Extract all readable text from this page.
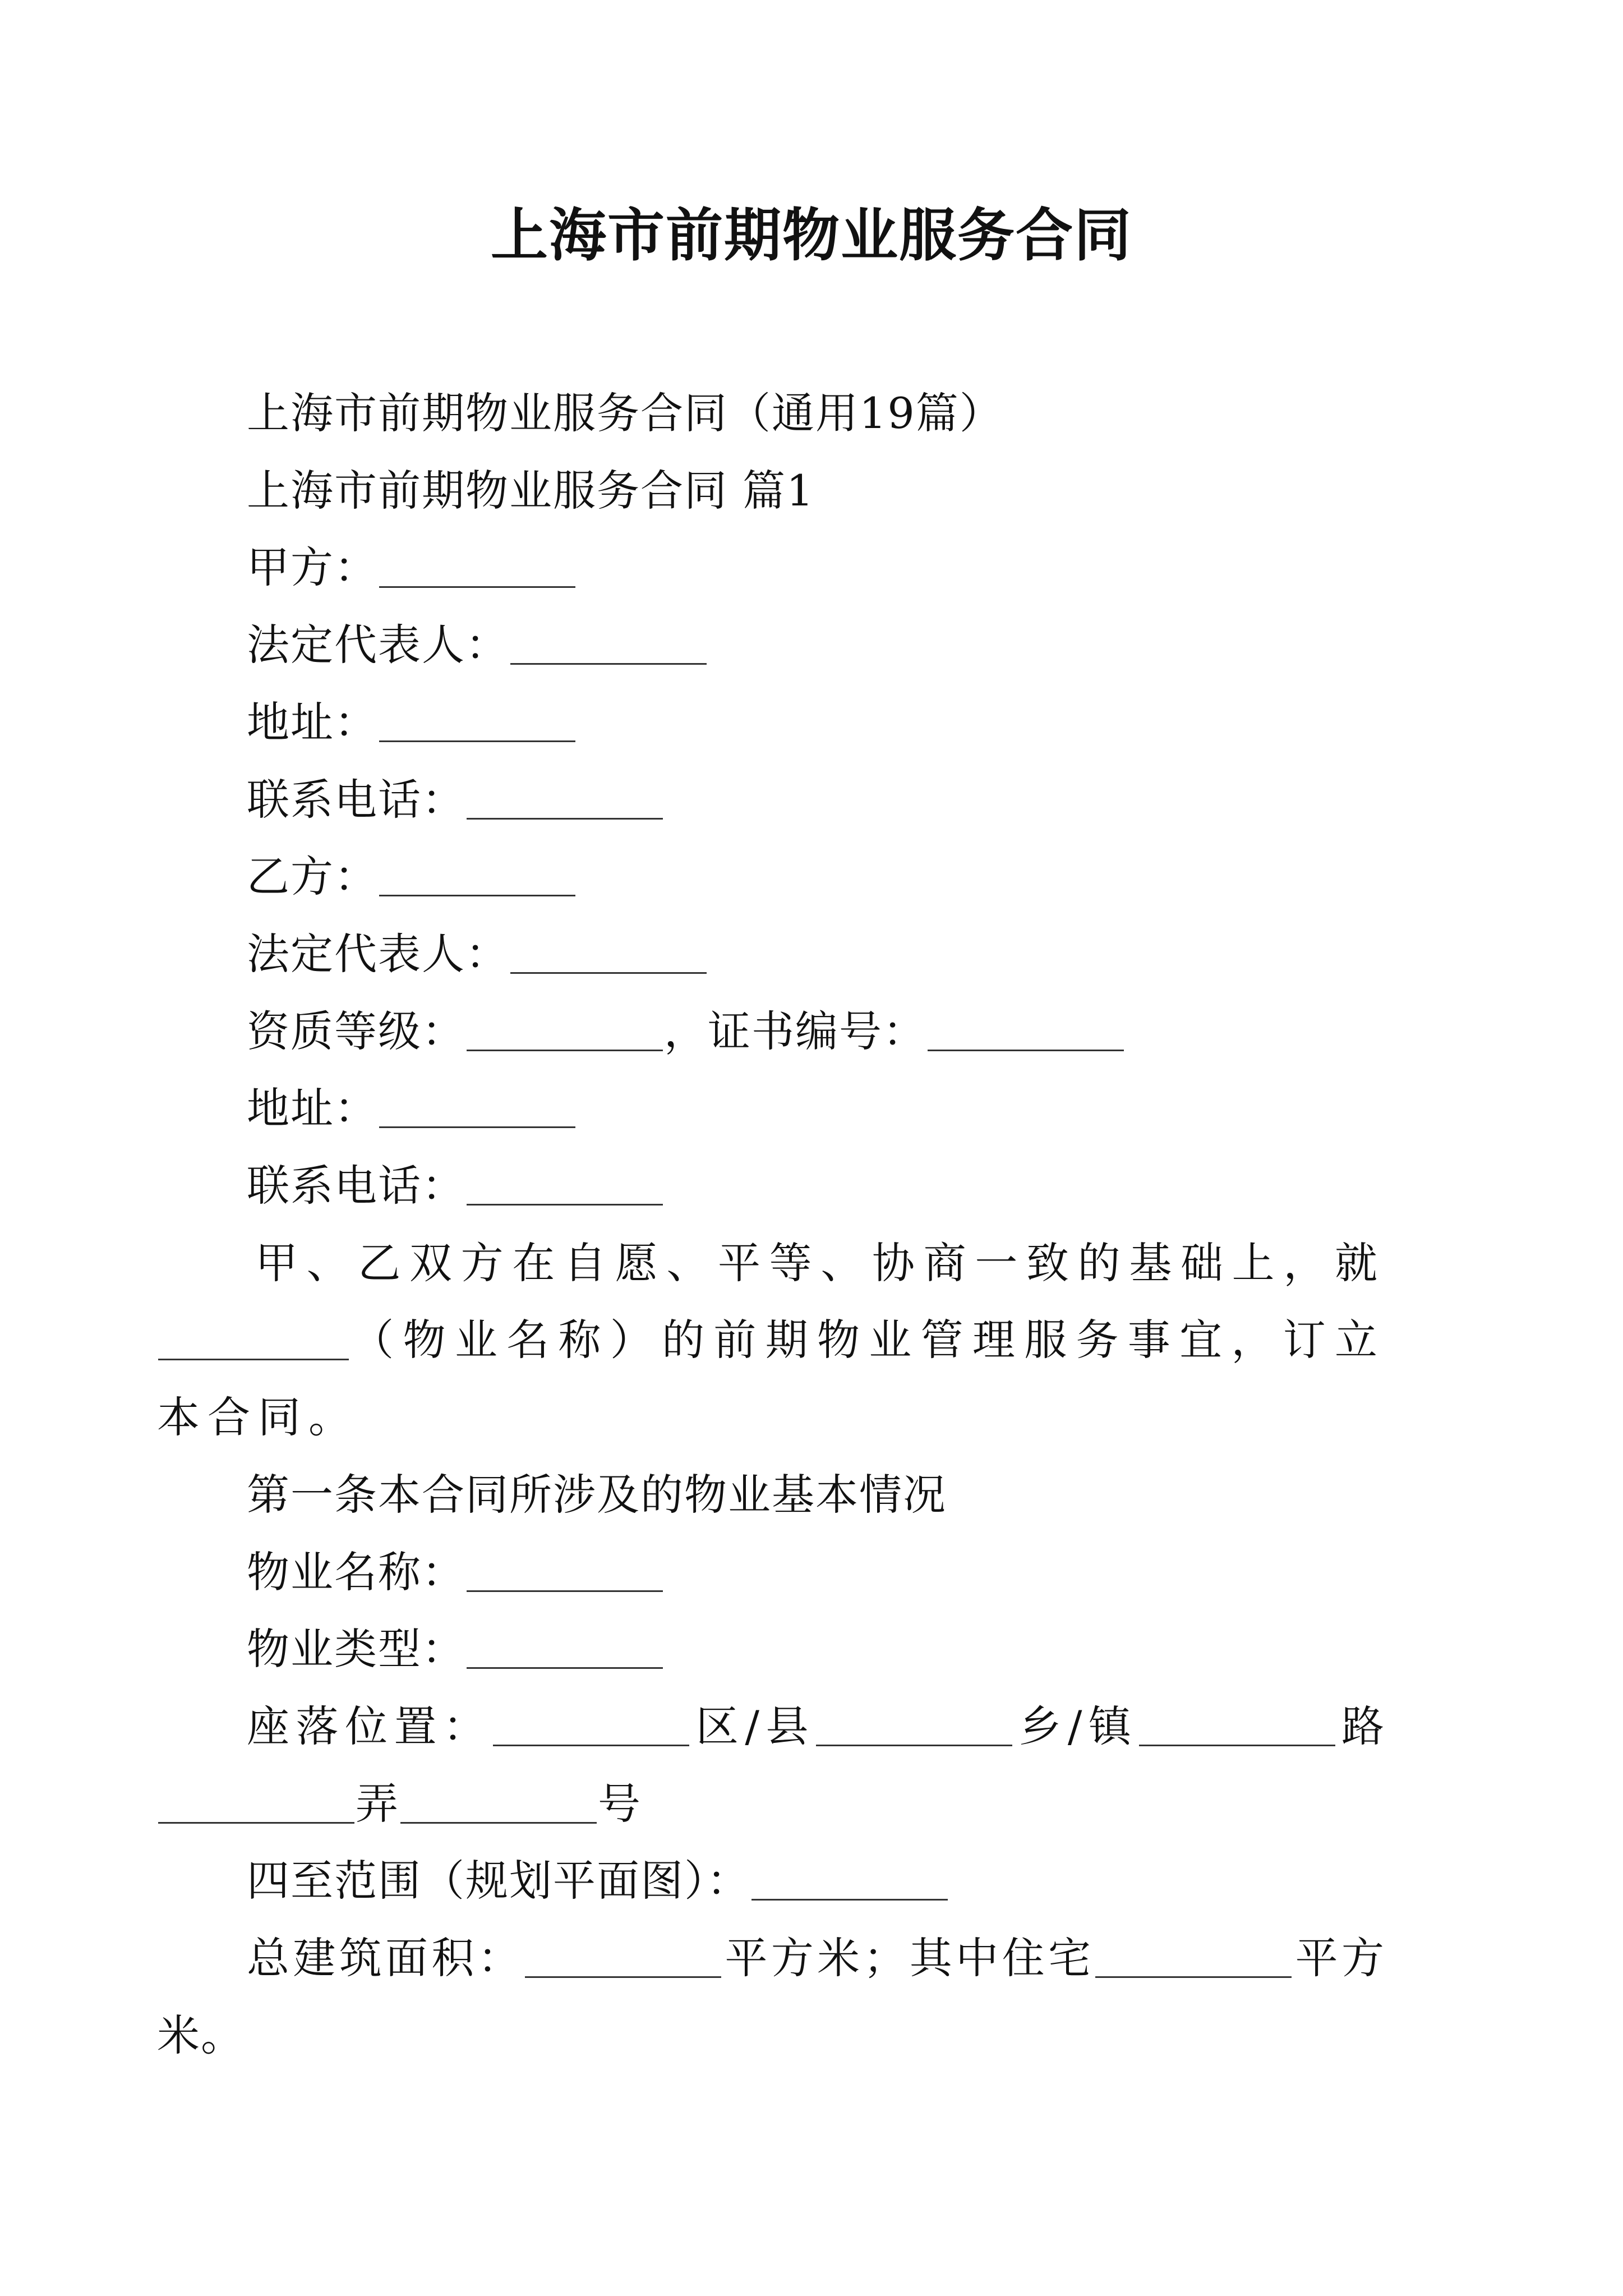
上海市前期物业服务合同

上海市前期物业服务合同（通用19篇）

上海市前期物业服务合同 篇1

甲方：

法定代表人：

地址：

联系电话：

乙方：

法定代表人：

资质等级：	，证书编号：

地址：

联系电话：

甲、乙双方在自愿、平等、协商一致的基础上，就（物业名称）的前期物业管理服务事宜，订立本合同。

第一条本合同所涉及的物业基本情况

物业名称：

物业类型：

座落位置：	区/县	乡/镇	路弄	号

四至范围（规划平面图）：

总建筑面积：	平方米；其中住宅	平方米。
